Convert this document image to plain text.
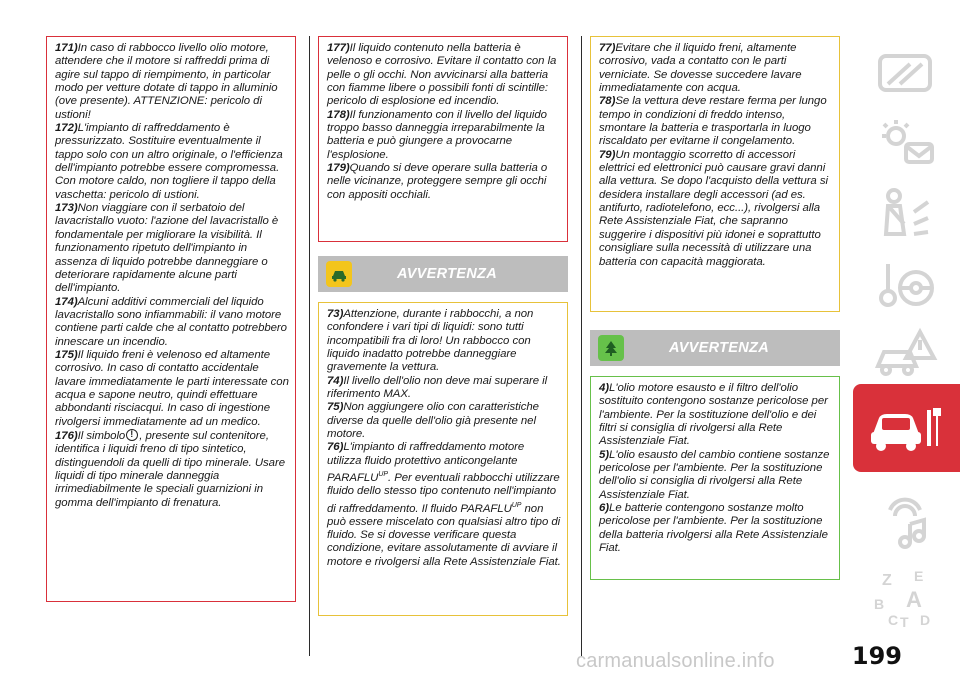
171)In caso di rabbocco livello olio motore, attendere che il motore si raffreddi prima di agire sul tappo di riempimento, in particolar modo per vetture dotate di tappo in alluminio (ove presente). ATTENZIONE: pericolo di ustioni!

172)L'impianto di raffreddamento è pressurizzato. Sostituire eventualmente il tappo solo con un altro originale, o l'efficienza dell'impianto potrebbe essere compromessa. Con motore caldo, non togliere il tappo della vaschetta: pericolo di ustioni.

173)Non viaggiare con il serbatoio del lavacristallo vuoto: l'azione del lavacristallo è fondamentale per migliorare la visibilità. Il funzionamento ripetuto dell'impianto in assenza di liquido potrebbe danneggiare o deteriorare rapidamente alcune parti dell'impianto.

174)Alcuni additivi commerciali del liquido lavacristallo sono infiammabili: il vano motore contiene parti calde che al contatto potrebbero innescare un incendio.

175)Il liquido freni è velenoso ed altamente corrosivo. In caso di contatto accidentale lavare immediatamente le parti interessate con acqua e sapone neutro, quindi effettuare abbondanti risciacqui. In caso di ingestione rivolgersi immediatamente ad un medico.

176)Il simbolo! , presente sul contenitore, identifica i liquidi freno di tipo sintetico, distinguendoli da quelli di tipo minerale. Usare liquidi di tipo minerale danneggia irrimediabilmente le speciali guarnizioni in gomma dell'impianto di frenatura.

177)Il liquido contenuto nella batteria è velenoso e corrosivo. Evitare il contatto con la pelle o gli occhi. Non avvicinarsi alla batteria con fiamme libere o possibili fonti di scintille: pericolo di esplosione ed incendio.

178)Il funzionamento con il livello del liquido troppo basso danneggia irreparabilmente la batteria e può giungere a provocarne l'esplosione.

179)Quando si deve operare sulla batteria o nelle vicinanze, proteggere sempre gli occhi con appositi occhiali.

AVVERTENZA

73)Attenzione, durante i rabbocchi, a non confondere i vari tipi di liquidi: sono tutti incompatibili fra di loro! Un rabbocco con liquido inadatto potrebbe danneggiare gravemente la vettura.

74)Il livello dell'olio non deve mai superare il riferimento MAX.

75)Non aggiungere olio con caratteristiche diverse da quelle dell'olio già presente nel motore.

76)L'impianto di raffreddamento motore utilizza fluido protettivo anticongelante $PARAFLU^{UP}$. Per eventuali rabbocchi utilizzare fluido dello stesso tipo contenuto nell'impianto di raffreddamento. Il fluido $PARAFLU^{UP}$ non può essere miscelato con qualsiasi altro tipo di fluido. Se si dovesse verificare questa condizione, evitare assolutamente di avviare il motore e rivolgersi alla Rete Assistenziale Fiat.

77)Evitare che il liquido freni, altamente corrosivo, vada a contatto con le parti verniciate. Se dovesse succedere lavare immediatamente con acqua.

78)Se la vettura deve restare ferma per lungo tempo in condizioni di freddo intenso, smontare la batteria e trasportarla in luogo riscaldato per evitarne il congelamento.

79)Un montaggio scorretto di accessori elettrici ed elettronici può causare gravi danni alla vettura. Se dopo l'acquisto della vettura si desidera installare degli accessori (ad es. antifurto, radiotelefono, ecc...), rivolgersi alla Rete Assistenziale Fiat, che sapranno suggerire i dispositivi più idonei e soprattutto consigliare sulla necessità di utilizzare una batteria con capacità maggiorata.

AVVERTENZA

4)L'olio motore esausto e il filtro dell'olio sostituito contengono sostanze pericolose per l'ambiente. Per la sostituzione dell'olio e dei filtri si consiglia di rivolgersi alla Rete Assistenziale Fiat.

5)L'olio esausto del cambio contiene sostanze pericolose per l'ambiente. Per la sostituzione dell'olio si consiglia di rivolgersi alla Rete Assistenziale Fiat.

6)Le batterie contengono sostanze molto pericolose per l'ambiente. Per la sostituzione della batteria rivolgersi alla Rete Assistenziale Fiat.

Z E
B A
C T D
199
carmanualsonline.info
